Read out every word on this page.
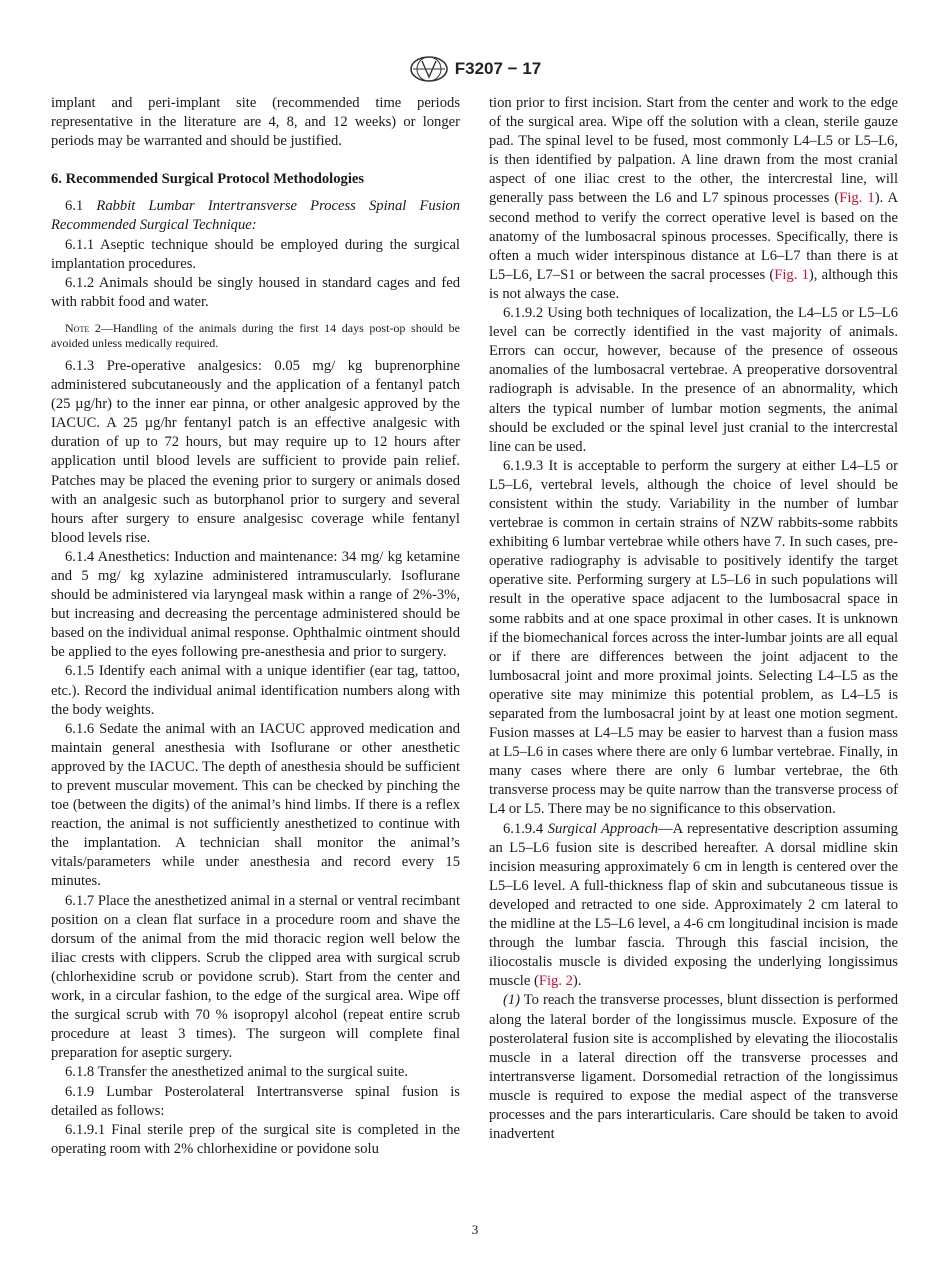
F3207 − 17

implant and peri-implant site (recommended time periods representative in the literature are 4, 8, and 12 weeks) or longer periods may be warranted and should be justified.

6. Recommended Surgical Protocol Methodologies

6.1 Rabbit Lumbar Intertransverse Process Spinal Fusion Recommended Surgical Technique:

6.1.1 Aseptic technique should be employed during the surgical implantation procedures.

6.1.2 Animals should be singly housed in standard cages and fed with rabbit food and water.

Note 2—Handling of the animals during the first 14 days post-op should be avoided unless medically required.

6.1.3 Pre-operative analgesics: 0.05 mg/ kg buprenorphine administered subcutaneously and the application of a fentanyl patch (25 µg/hr) to the inner ear pinna, or other analgesic approved by the IACUC. A 25 µg/hr fentanyl patch is an effective analgesic with duration of up to 72 hours, but may require up to 12 hours after application until blood levels are sufficient to provide pain relief. Patches may be placed the evening prior to surgery or animals dosed with an analgesic such as butorphanol prior to surgery and several hours after surgery to ensure analgesisc coverage while fentanyl blood levels rise.

6.1.4 Anesthetics: Induction and maintenance: 34 mg/ kg ketamine and 5 mg/ kg xylazine administered intramuscularly. Isoflurane should be administered via laryngeal mask within a range of 2%-3%, but increasing and decreasing the percentage administered should be based on the individual animal response. Ophthalmic ointment should be applied to the eyes following pre-anesthesia and prior to surgery.

6.1.5 Identify each animal with a unique identifier (ear tag, tattoo, etc.). Record the individual animal identification numbers along with the body weights.

6.1.6 Sedate the animal with an IACUC approved medication and maintain general anesthesia with Isoflurane or other anesthetic approved by the IACUC. The depth of anesthesia should be sufficient to prevent muscular movement. This can be checked by pinching the toe (between the digits) of the animal’s hind limbs. If there is a reflex reaction, the animal is not sufficiently anesthetized to continue with the implantation. A technician shall monitor the animal’s vitals/parameters while under anesthesia and record every 15 minutes.

6.1.7 Place the anesthetized animal in a sternal or ventral recimbant position on a clean flat surface in a procedure room and shave the dorsum of the animal from the mid thoracic region well below the iliac crests with clippers. Scrub the clipped area with surgical scrub (chlorhexidine scrub or povidone scrub). Start from the center and work, in a circular fashion, to the edge of the surgical area. Wipe off the surgical scrub with 70 % isopropyl alcohol (repeat entire scrub procedure at least 3 times). The surgeon will complete final preparation for aseptic surgery.

6.1.8 Transfer the anesthetized animal to the surgical suite.

6.1.9 Lumbar Posterolateral Intertransverse spinal fusion is detailed as follows:

6.1.9.1 Final sterile prep of the surgical site is completed in the operating room with 2% chlorhexidine or povidone solu

tion prior to first incision. Start from the center and work to the edge of the surgical area. Wipe off the solution with a clean, sterile gauze pad. The spinal level to be fused, most commonly L4–L5 or L5–L6, is then identified by palpation. A line drawn from the most cranial aspect of one iliac crest to the other, the intercrestal line, will generally pass between the L6 and L7 spinous processes (Fig. 1). A second method to verify the correct operative level is based on the anatomy of the lumbosacral spinous processes. Specifically, there is often a much wider interspinous distance at L6–L7 than there is at L5–L6, L7–S1 or between the sacral processes (Fig. 1), although this is not always the case.

6.1.9.2 Using both techniques of localization, the L4–L5 or L5–L6 level can be correctly identified in the vast majority of animals. Errors can occur, however, because of the presence of osseous anomalies of the lumbosacral vertebrae. A preoperative dorsoventral radiograph is advisable. In the presence of an abnormality, which alters the typical number of lumbar motion segments, the animal should be excluded or the spinal level just cranial to the intercrestal line can be used.

6.1.9.3 It is acceptable to perform the surgery at either L4–L5 or L5–L6, vertebral levels, although the choice of level should be consistent within the study. Variability in the number of lumbar vertebrae is common in certain strains of NZW rabbits-some rabbits exhibiting 6 lumbar vertebrae while others have 7. In such cases, pre-operative radiography is advisable to positively identify the target operative site. Performing surgery at L5–L6 in such populations will result in the operative space adjacent to the lumbosacral space in some rabbits and at one space proximal in other cases. It is unknown if the biomechanical forces across the inter-lumbar joints are all equal or if there are differences between the joint adjacent to the lumbosacral joint and more proximal joints. Selecting L4–L5 as the operative site may minimize this potential problem, as L4–L5 is separated from the lumbosacral joint by at least one motion segment. Fusion masses at L4–L5 may be easier to harvest than a fusion mass at L5–L6 in cases where there are only 6 lumbar vertebrae. Finally, in many cases where there are only 6 lumbar vertebrae, the 6th transverse process may be quite narrow than the transverse process of L4 or L5. There may be no significance to this observation.

6.1.9.4 Surgical Approach—A representative description assuming an L5–L6 fusion site is described hereafter. A dorsal midline skin incision measuring approximately 6 cm in length is centered over the L5–L6 level. A full-thickness flap of skin and subcutaneous tissue is developed and retracted to one side. Approximately 2 cm lateral to the midline at the L5–L6 level, a 4-6 cm longitudinal incision is made through the lumbar fascia. Through this fascial incision, the iliocostalis muscle is divided exposing the underlying longissimus muscle (Fig. 2).

(1) To reach the transverse processes, blunt dissection is performed along the lateral border of the longissimus muscle. Exposure of the posterolateral fusion site is accomplished by elevating the iliocostalis muscle in a lateral direction off the transverse processes and intertransverse ligament. Dorsomedial retraction of the longissimus muscle is required to expose the medial aspect of the transverse processes and the pars interarticularis. Care should be taken to avoid inadvertent

3
